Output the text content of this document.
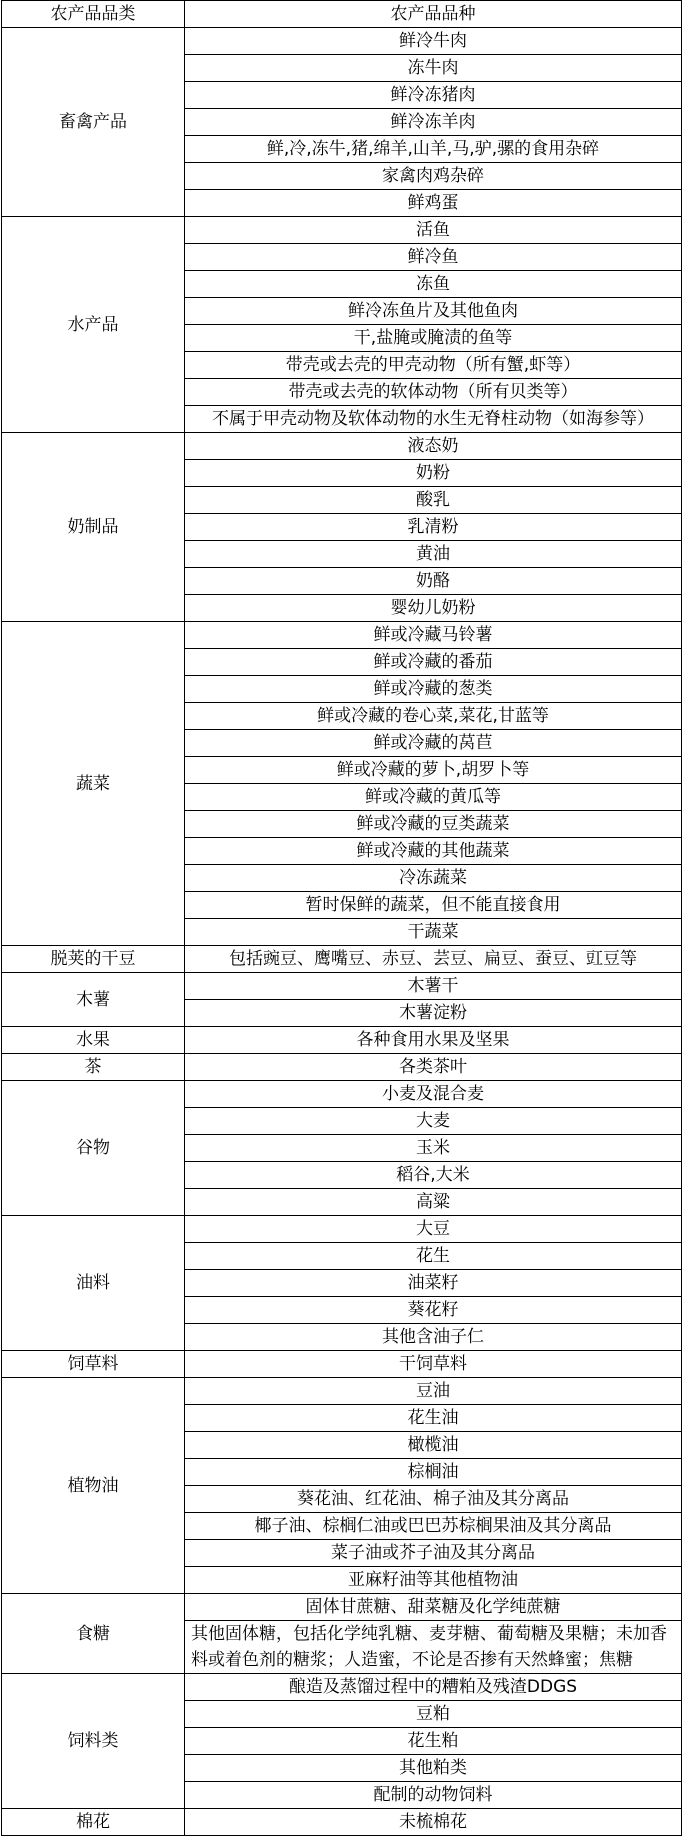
农产品品类	农产品品种
畜禽产品	鲜冷牛肉
	冻牛肉
	鲜冷冻猪肉
	鲜冷冻羊肉
	鲜,冷,冻牛,猪,绵羊,山羊,马,驴,骡的食用杂碎
	家禽肉鸡杂碎
	鲜鸡蛋
水产品	活鱼
	鲜冷鱼
	冻鱼
	鲜冷冻鱼片及其他鱼肉
	干,盐腌或腌渍的鱼等
	带壳或去壳的甲壳动物（所有蟹,虾等）
	带壳或去壳的软体动物（所有贝类等）
	不属于甲壳动物及软体动物的水生无脊柱动物（如海参等）
奶制品	液态奶
	奶粉
	酸乳
	乳清粉
	黄油
	奶酪
	婴幼儿奶粉
蔬菜	鲜或冷藏马铃薯
	鲜或冷藏的番茄
	鲜或冷藏的葱类
	鲜或冷藏的卷心菜,菜花,甘蓝等
	鲜或冷藏的莴苣
	鲜或冷藏的萝卜,胡罗卜等
	鲜或冷藏的黄瓜等
	鲜或冷藏的豆类蔬菜
	鲜或冷藏的其他蔬菜
	冷冻蔬菜
	暂时保鲜的蔬菜，但不能直接食用
	干蔬菜
脱荚的干豆	包括豌豆、鹰嘴豆、赤豆、芸豆、扁豆、蚕豆、豇豆等
木薯	木薯干
	木薯淀粉
水果	各种食用水果及坚果
茶	各类茶叶
谷物	小麦及混合麦
	大麦
	玉米
	稻谷,大米
	高粱
油料	大豆
	花生
	油菜籽
	葵花籽
	其他含油子仁
饲草料	干饲草料
植物油	豆油
	花生油
	橄榄油
	棕榈油
	葵花油、红花油、棉子油及其分离品
	椰子油、棕榈仁油或巴巴苏棕榈果油及其分离品
	菜子油或芥子油及其分离品
	亚麻籽油等其他植物油
食糖	固体甘蔗糖、甜菜糖及化学纯蔗糖
	其他固体糖，包括化学纯乳糖、麦芽糖、葡萄糖及果糖；未加香料或着色剂的糖浆；人造蜜，不论是否掺有天然蜂蜜；焦糖
饲料类	酿造及蒸馏过程中的糟粕及残渣DDGS
	豆粕
	花生粕
	其他粕类
	配制的动物饲料
棉花	未梳棉花
